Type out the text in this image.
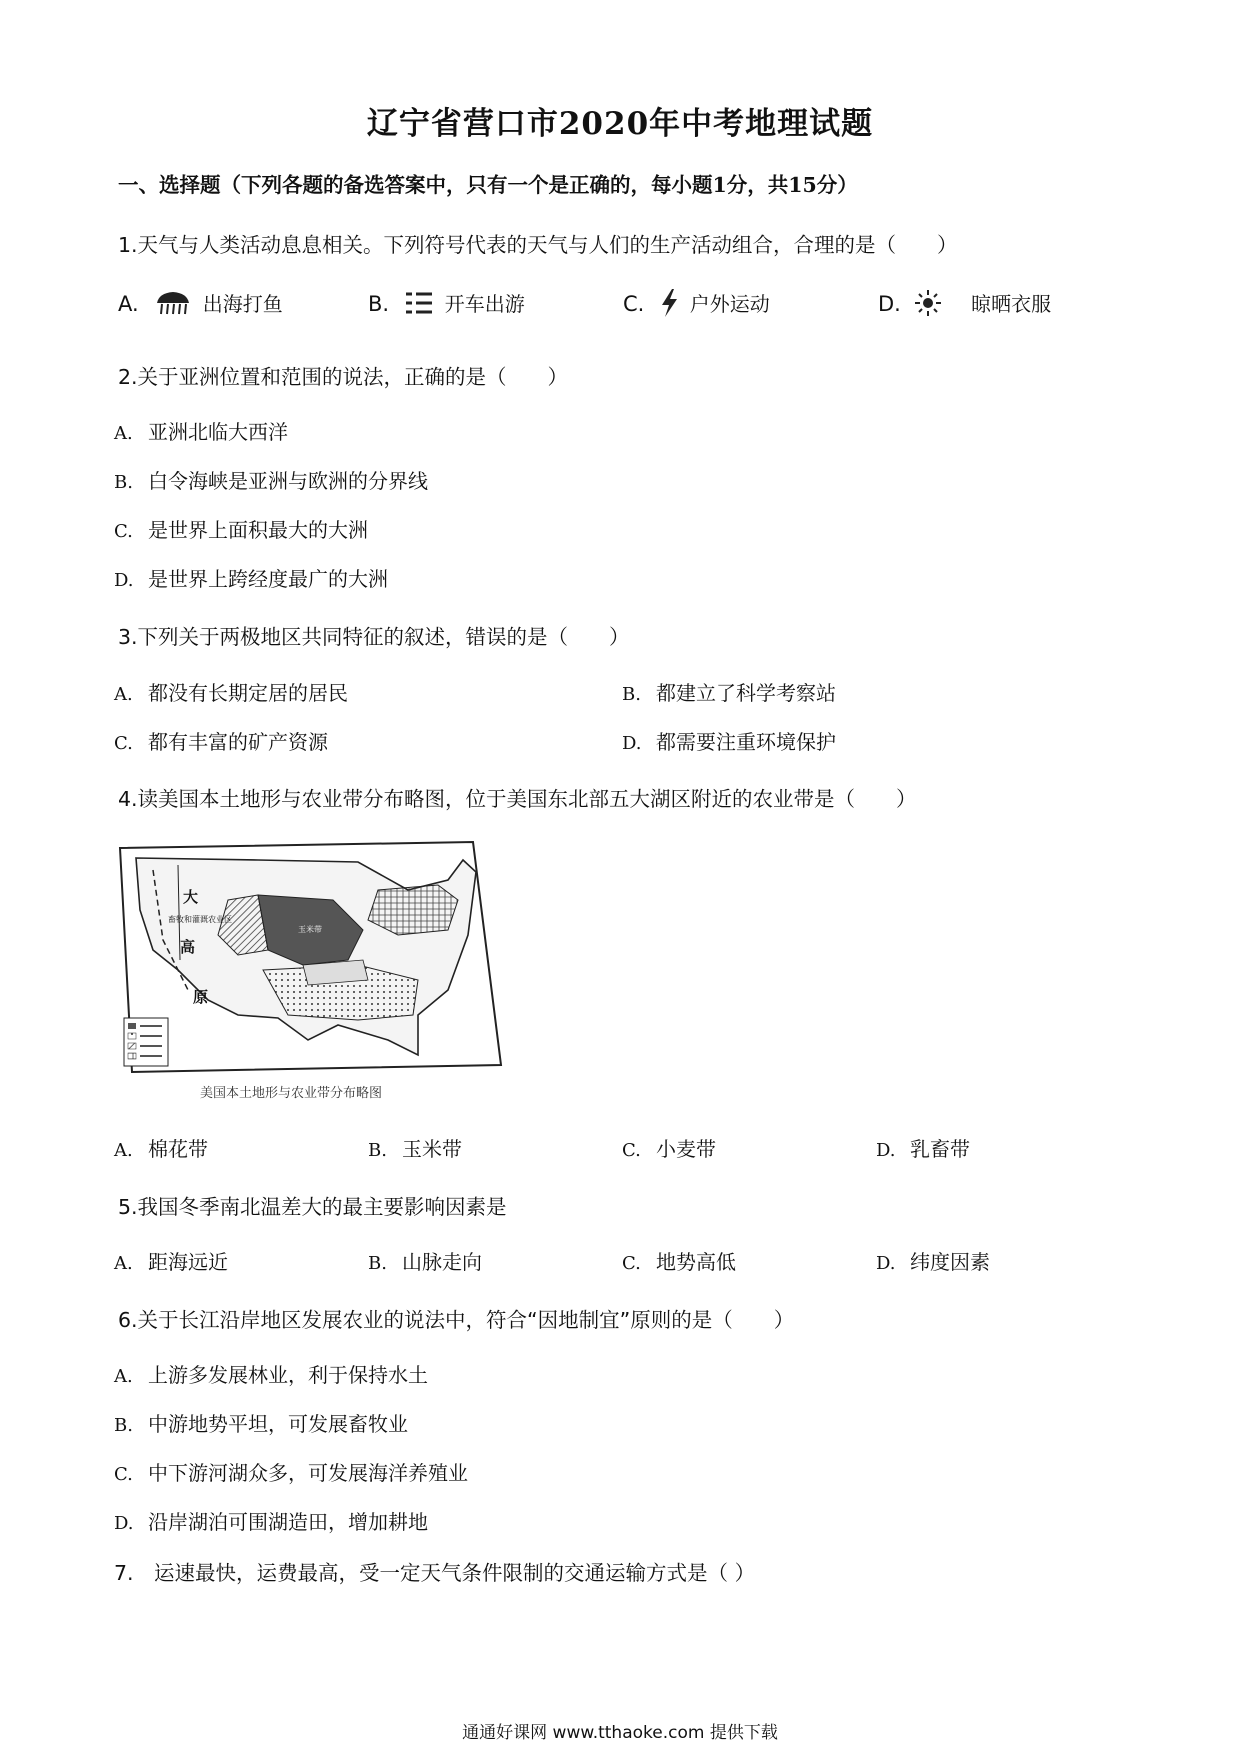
辽宁省营口市2020年中考地理试题
一、选择题（下列各题的备选答案中，只有一个是正确的，每小题1分，共15分）
1.天气与人类活动息息相关。下列符号代表的天气与人们的生产活动组合，合理的是（　　）
A.	出海打鱼	B.	开车出游	C. 户外运动	D.	晾晒衣服
2.关于亚洲位置和范围的说法，正确的是（　　）
A. 亚洲北临大西洋
B. 白令海峡是亚洲与欧洲的分界线
C. 是世界上面积最大的大洲
D. 是世界上跨经度最广的大洲
3.下列关于两极地区共同特征的叙述，错误的是（　　）
A. 都没有长期定居的居民	B. 都建立了科学考察站
C. 都有丰富的矿产资源	D. 都需要注重环境保护
4.读美国本土地形与农业带分布略图，位于美国东北部五大湖区附近的农业带是（　　）
大
高
原
畜牧和灌溉农业区
玉米带
美国本土地形与农业带分布略图
A. 棉花带	B. 玉米带	C. 小麦带	D. 乳畜带
5.我国冬季南北温差大的最主要影响因素是
A. 距海远近	B. 山脉走向	C. 地势高低	D. 纬度因素
6.关于长江沿岸地区发展农业的说法中，符合“因地制宜”原则的是（　　）
A. 上游多发展林业，利于保持水土
B. 中游地势平坦，可发展畜牧业
C. 中下游河湖众多，可发展海洋养殖业
D. 沿岸湖泊可围湖造田，增加耕地
7.　运速最快，运费最高，受一定天气条件限制的交通运输方式是（ ）
通通好课网 www.tthaoke.com 提供下载
